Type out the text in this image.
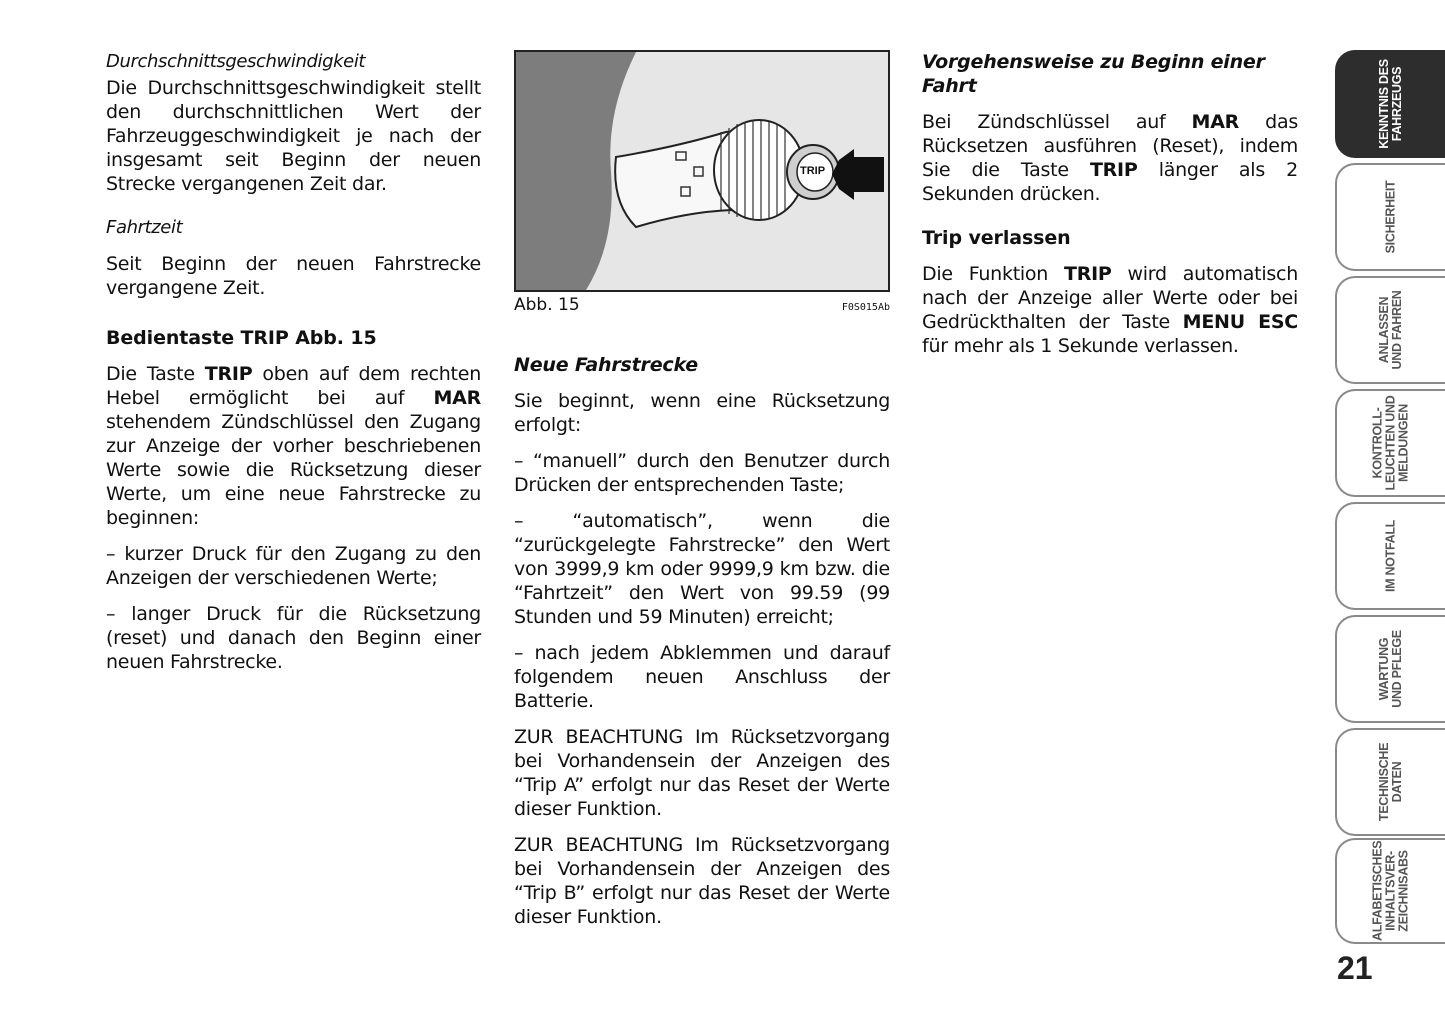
Durchschnittsgeschwindigkeit

Die Durchschnittsgeschwindigkeit stellt den durchschnittlichen Wert der Fahrzeuggeschwindigkeit je nach der insgesamt seit Beginn der neuen Strecke vergangenen Zeit dar.

Fahrtzeit

Seit Beginn der neuen Fahrstrecke vergangene Zeit.

Bedientaste TRIP Abb. 15

Die Taste TRIP oben auf dem rechten Hebel ermöglicht bei auf MAR stehendem Zündschlüssel den Zugang zur Anzeige der vorher beschriebenen Werte sowie die Rücksetzung dieser Werte, um eine neue Fahrstrecke zu beginnen:

– kurzer Druck für den Zugang zu den Anzeigen der verschiedenen Werte;

– langer Druck für die Rücksetzung (reset) und danach den Beginn einer neuen Fahrstrecke.

TRIP
Abb. 15	F0S015Ab
Neue Fahrstrecke

Sie beginnt, wenn eine Rücksetzung erfolgt:

– “manuell” durch den Benutzer durch Drücken der entsprechenden Taste;

– “automatisch”, wenn die “zurückgelegte Fahrstrecke” den Wert von 3999,9 km oder 9999,9 km bzw. die “Fahrtzeit” den Wert von 99.59 (99 Stunden und 59 Minuten) erreicht;

– nach jedem Abklemmen und darauf folgendem neuen Anschluss der Batterie.

ZUR BEACHTUNG Im Rücksetzvorgang bei Vorhandensein der Anzeigen des “Trip A” erfolgt nur das Reset der Werte dieser Funktion.

ZUR BEACHTUNG Im Rücksetzvorgang bei Vorhandensein der Anzeigen des “Trip B” erfolgt nur das Reset der Werte dieser Funktion.

Vorgehensweise zu Beginn einer Fahrt

Bei Zündschlüssel auf MAR das Rücksetzen ausführen (Reset), indem Sie die Taste TRIP länger als 2 Sekunden drücken.

Trip verlassen

Die Funktion TRIP wird automatisch nach der Anzeige aller Werte oder bei Gedrückthalten der Taste MENU ESC für mehr als 1 Sekunde verlassen.

KENNTNIS DES
FAHRZEUGS
SICHERHEIT
ANLASSEN
UND FAHREN
KONTROLL-
LEUCHTEN UND
MELDUNGEN
IM NOTFALL
WARTUNG
UND PFLEGE
TECHNISCHE
DATEN
ALFABETISCHES
INHALTSVER-
ZEICHNISABS
21
